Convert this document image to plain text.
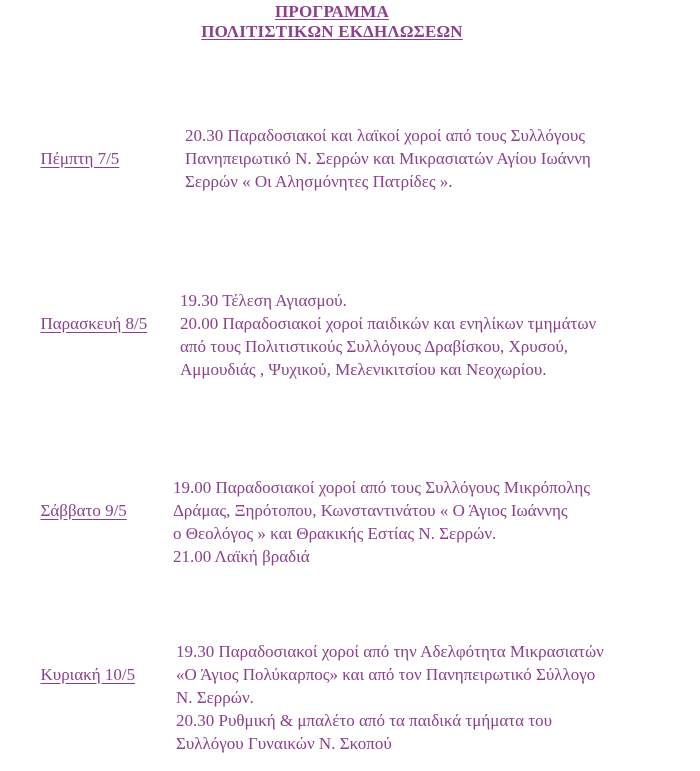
ΠΡΟΓΡΑΜΜΑ
ΠΟΛΙΤΙΣΤΙΚΩΝ ΕΚΔΗΛΩΣΕΩΝ

Πέμπτη 7/5

20.30 Παραδοσιακοί και λαϊκοί χοροί από τους Συλλόγους
Πανηπειρωτικό Ν. Σερρών και Μικρασιατών Αγίου Ιωάννη
Σερρών « Οι Αλησμόνητες Πατρίδες ».

Παρασκευή 8/5

19.30 Τέλεση Αγιασμού.
20.00 Παραδοσιακοί χοροί παιδικών και ενηλίκων τμημάτων
από τους Πολιτιστικούς Συλλόγους Δραβίσκου, Χρυσού,
Αμμουδιάς , Ψυχικού, Μελενικιτσίου και Νεοχωρίου.

Σάββατο 9/5

19.00 Παραδοσιακοί χοροί από τους Συλλόγους Μικρόπολης
Δράμας, Ξηρότοπου, Κωνσταντινάτου « Ο Άγιος Ιωάννης
ο Θεολόγος » και Θρακικής Εστίας Ν. Σερρών.
21.00 Λαϊκή βραδιά

Κυριακή 10/5

19.30 Παραδοσιακοί χοροί από την Αδελφότητα Μικρασιατών
«Ο Άγιος Πολύκαρπος» και από τον Πανηπειρωτικό Σύλλογο
Ν. Σερρών.
20.30 Ρυθμική & μπαλέτο από τα παιδικά τμήματα του
Συλλόγου Γυναικών Ν. Σκοπού
